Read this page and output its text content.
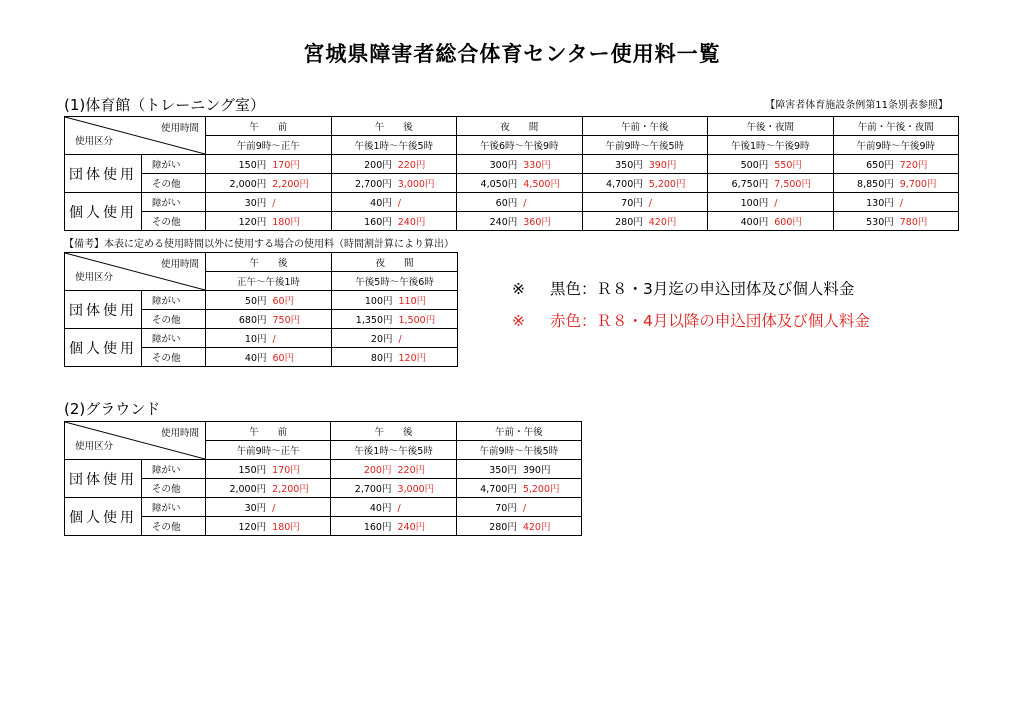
宮城県障害者総合体育センター使用料一覧
(1)体育館（トレーニング室）	【障害者体育施設条例第11条別表参照】
使用時間
使用区分		午　　前	午　　後	夜　　間	午前・午後	午後・夜間	午前・午後・夜間
		午前9時～正午	午後1時～午後5時	午後6時～午後9時	午前9時～午後5時	午後1時～午後9時	午前9時～午後9時
団体使用	障がい	150円 170円	200円 220円	300円 330円	350円 390円	500円 550円	650円 720円
	その他	2,000円 2,200円	2,700円 3,000円	4,050円 4,500円	4,700円 5,200円	6,750円 7,500円	8,850円 9,700円
個人使用	障がい	30円 /	40円 /	60円 /	70円 /	100円 /	130円 /
	その他	120円 180円	160円 240円	240円 360円	280円 420円	400円 600円	530円 780円
【備考】本表に定める使用時間以外に使用する場合の使用料（時間割計算により算出）
使用時間
使用区分		午　　後	夜　　間
		正午～午後1時	午後5時～午後6時
団体使用	障がい	50円 60円	100円 110円
	その他	680円 750円	1,350円 1,500円
個人使用	障がい	10円 /	20円 /
	その他	40円 60円	80円 120円
※ 黒色：Ｒ８・3月迄の申込団体及び個人料金
※ 赤色：Ｒ８・4月以降の申込団体及び個人料金
(2)グラウンド
使用時間
使用区分		午　　前	午　　後	午前・午後
		午前9時～正午	午後1時～午後5時	午前9時～午後5時
団体使用	障がい	150円 170円	200円 220円	350円 390円
	その他	2,000円 2,200円	2,700円 3,000円	4,700円 5,200円
個人使用	障がい	30円 /	40円 /	70円 /
	その他	120円 180円	160円 240円	280円 420円
